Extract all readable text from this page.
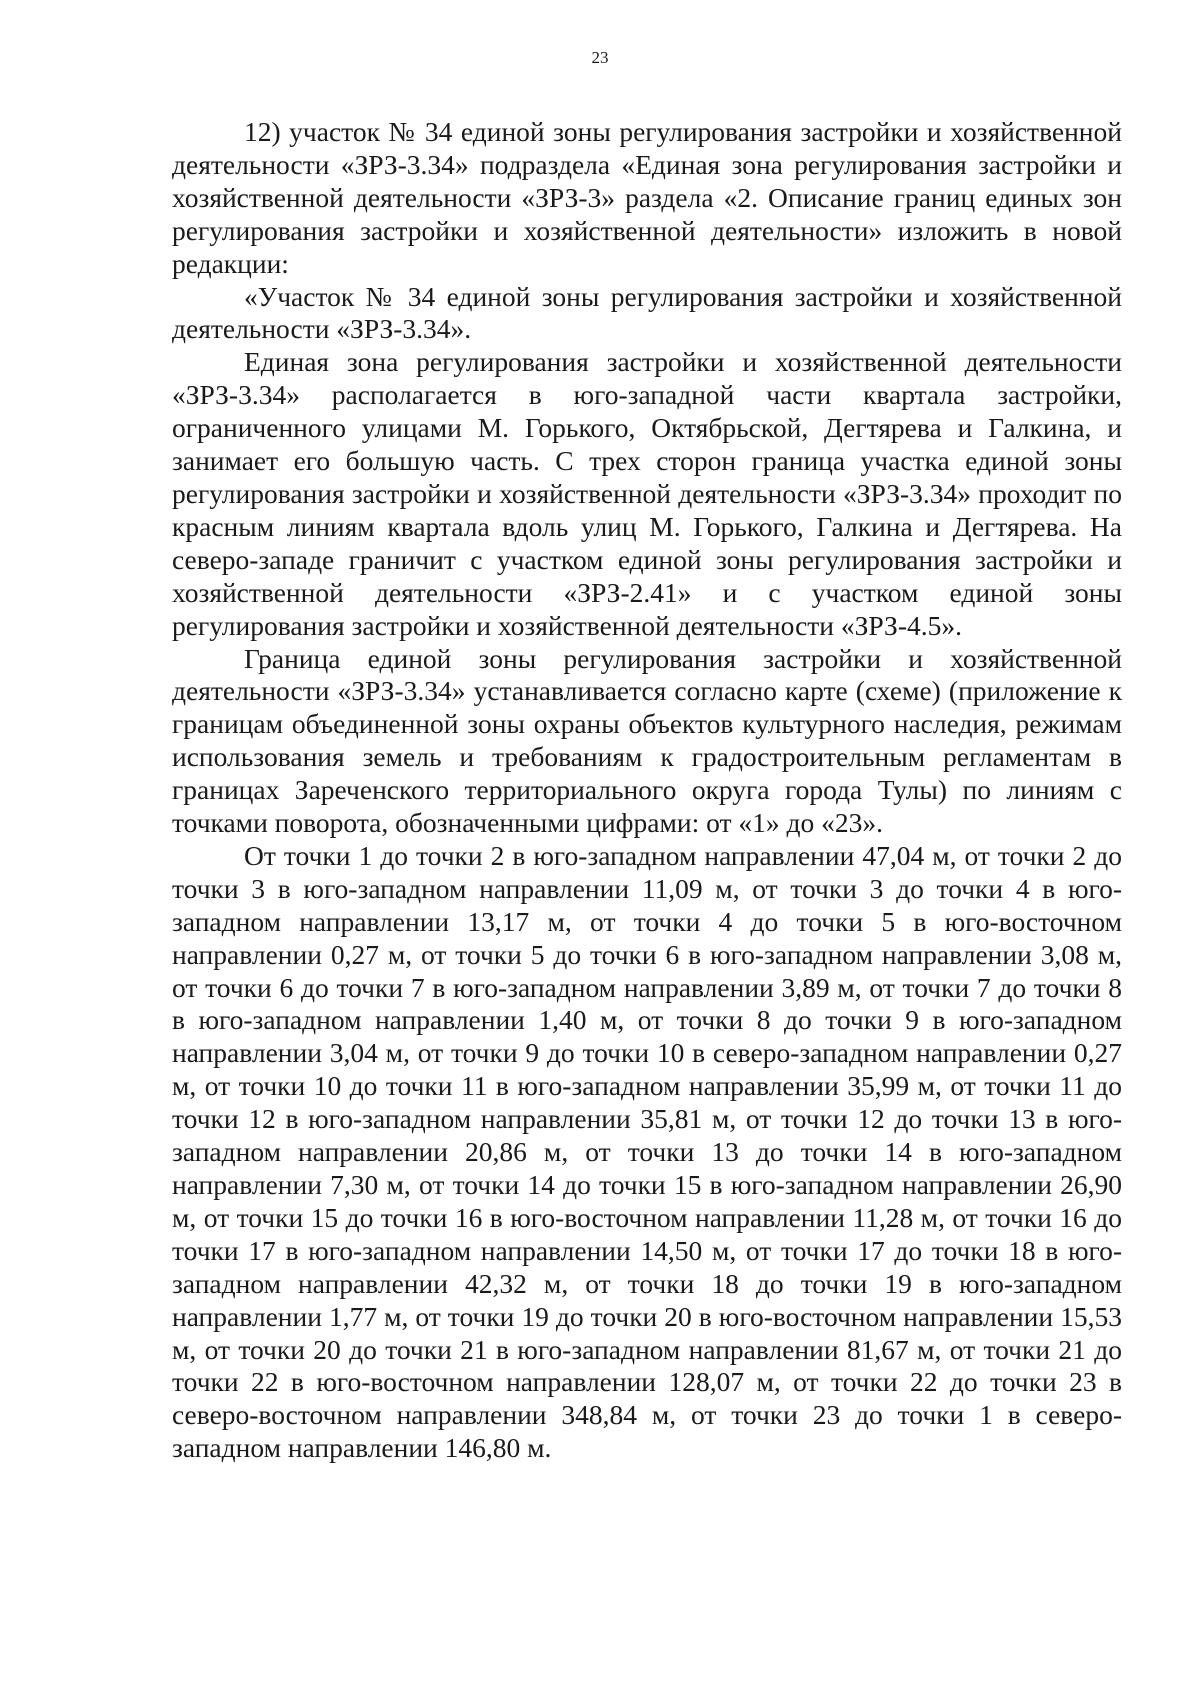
23

12) участок № 34 единой зоны регулирования застройки и хозяйственной деятельности «ЗРЗ-3.34» подраздела «Единая зона регулирования застройки и хозяйственной деятельности «ЗРЗ-3» раздела «2. Описание границ единых зон регулирования застройки и хозяйственной деятельности» изложить в новой редакции:

«Участок № 34 единой зоны регулирования застройки и хозяйственной деятельности «ЗРЗ-3.34».

Единая зона регулирования застройки и хозяйственной деятельности «ЗРЗ-3.34» располагается в юго-западной части квартала застройки, ограниченного улицами М. Горького, Октябрьской, Дегтярева и Галкина, и занимает его большую часть. С трех сторон граница участка единой зоны регулирования застройки и хозяйственной деятельности «ЗРЗ-3.34» проходит по красным линиям квартала вдоль улиц М. Горького, Галкина и Дегтярева. На северо-западе граничит с участком единой зоны регулирования застройки и хозяйственной деятельности «ЗРЗ-2.41» и с участком единой зоны регулирования застройки и хозяйственной деятельности «ЗРЗ-4.5».

Граница единой зоны регулирования застройки и хозяйственной деятельности «ЗРЗ-3.34» устанавливается согласно карте (схеме) (приложение к границам объединенной зоны охраны объектов культурного наследия, режимам использования земель и требованиям к градостроительным регламентам в границах Зареченского территориального округа города Тулы) по линиям с точками поворота, обозначенными цифрами: от «1» до «23».

От точки 1 до точки 2 в юго-западном направлении 47,04 м, от точки 2 до точки 3 в юго-западном направлении 11,09 м, от точки 3 до точки 4 в юго-западном направлении 13,17 м, от точки 4 до точки 5 в юго-восточном направлении 0,27 м, от точки 5 до точки 6 в юго-западном направлении 3,08 м, от точки 6 до точки 7 в юго-западном направлении 3,89 м, от точки 7 до точки 8 в юго-западном направлении 1,40 м, от точки 8 до точки 9 в юго-западном направлении 3,04 м, от точки 9 до точки 10 в северо-западном направлении 0,27 м, от точки 10 до точки 11 в юго-западном направлении 35,99 м, от точки 11 до точки 12 в юго-западном направлении 35,81 м, от точки 12 до точки 13 в юго-западном направлении 20,86 м, от точки 13 до точки 14 в юго-западном направлении 7,30 м, от точки 14 до точки 15 в юго-западном направлении 26,90 м, от точки 15 до точки 16 в юго-восточном направлении 11,28 м, от точки 16 до точки 17 в юго-западном направлении 14,50 м, от точки 17 до точки 18 в юго-западном направлении 42,32 м, от точки 18 до точки 19 в юго-западном направлении 1,77 м, от точки 19 до точки 20 в юго-восточном направлении 15,53 м, от точки 20 до точки 21 в юго-западном направлении 81,67 м, от точки 21 до точки 22 в юго-восточном направлении 128,07 м, от точки 22 до точки 23 в северо-восточном направлении 348,84 м, от точки 23 до точки 1 в северо-западном направлении 146,80 м.
